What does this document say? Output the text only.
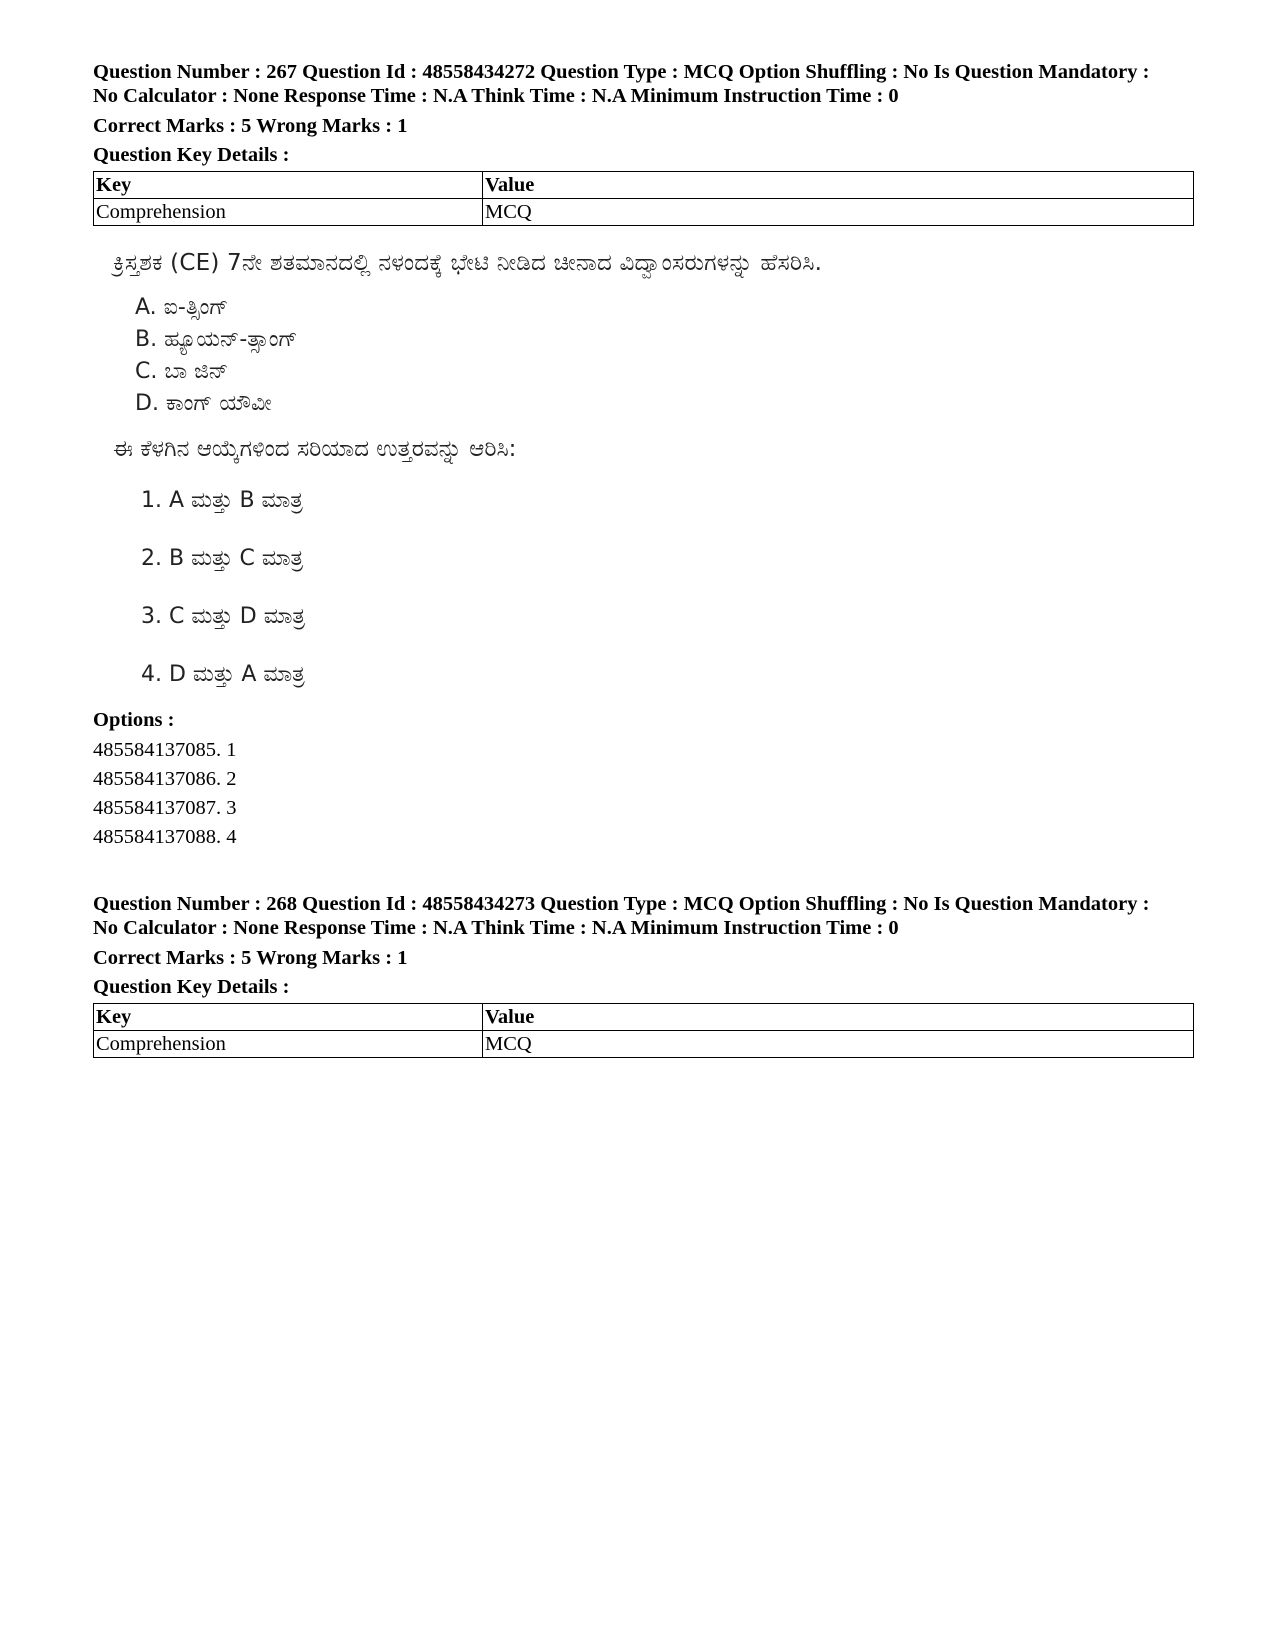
Question Number : 267 Question Id : 48558434272 Question Type : MCQ Option Shuffling : No Is Question Mandatory :
No Calculator : None Response Time : N.A Think Time : N.A Minimum Instruction Time : 0
Correct Marks : 5 Wrong Marks : 1
Question Key Details :
Key	Value
Comprehension	MCQ
ಕ್ರಿಸ್ತಶಕ (CE) 7ನೇ ಶತಮಾನದಲ್ಲಿ ನಳಂದಕ್ಕೆ ಭೇಟಿ ನೀಡಿದ ಚೀನಾದ ವಿದ್ವಾಂಸರುಗಳನ್ನು ಹೆಸರಿಸಿ.
A. ಐ-ತ್ಸಿಂಗ್
B. ಹ್ಯೂಯನ್-ತ್ಸಾಂಗ್
C. ಬಾ ಜಿನ್
D. ಕಾಂಗ್ ಯೌವೀ
ಈ ಕೆಳಗಿನ ಆಯ್ಕೆಗಳಿಂದ ಸರಿಯಾದ ಉತ್ತರವನ್ನು ಆರಿಸಿ:
1. A ಮತ್ತು B ಮಾತ್ರ
2. B ಮತ್ತು C ಮಾತ್ರ
3. C ಮತ್ತು D ಮಾತ್ರ
4. D ಮತ್ತು A ಮಾತ್ರ
Options :
485584137085. 1
485584137086. 2
485584137087. 3
485584137088. 4
Question Number : 268 Question Id : 48558434273 Question Type : MCQ Option Shuffling : No Is Question Mandatory :
No Calculator : None Response Time : N.A Think Time : N.A Minimum Instruction Time : 0
Correct Marks : 5 Wrong Marks : 1
Question Key Details :
Key	Value
Comprehension	MCQ
